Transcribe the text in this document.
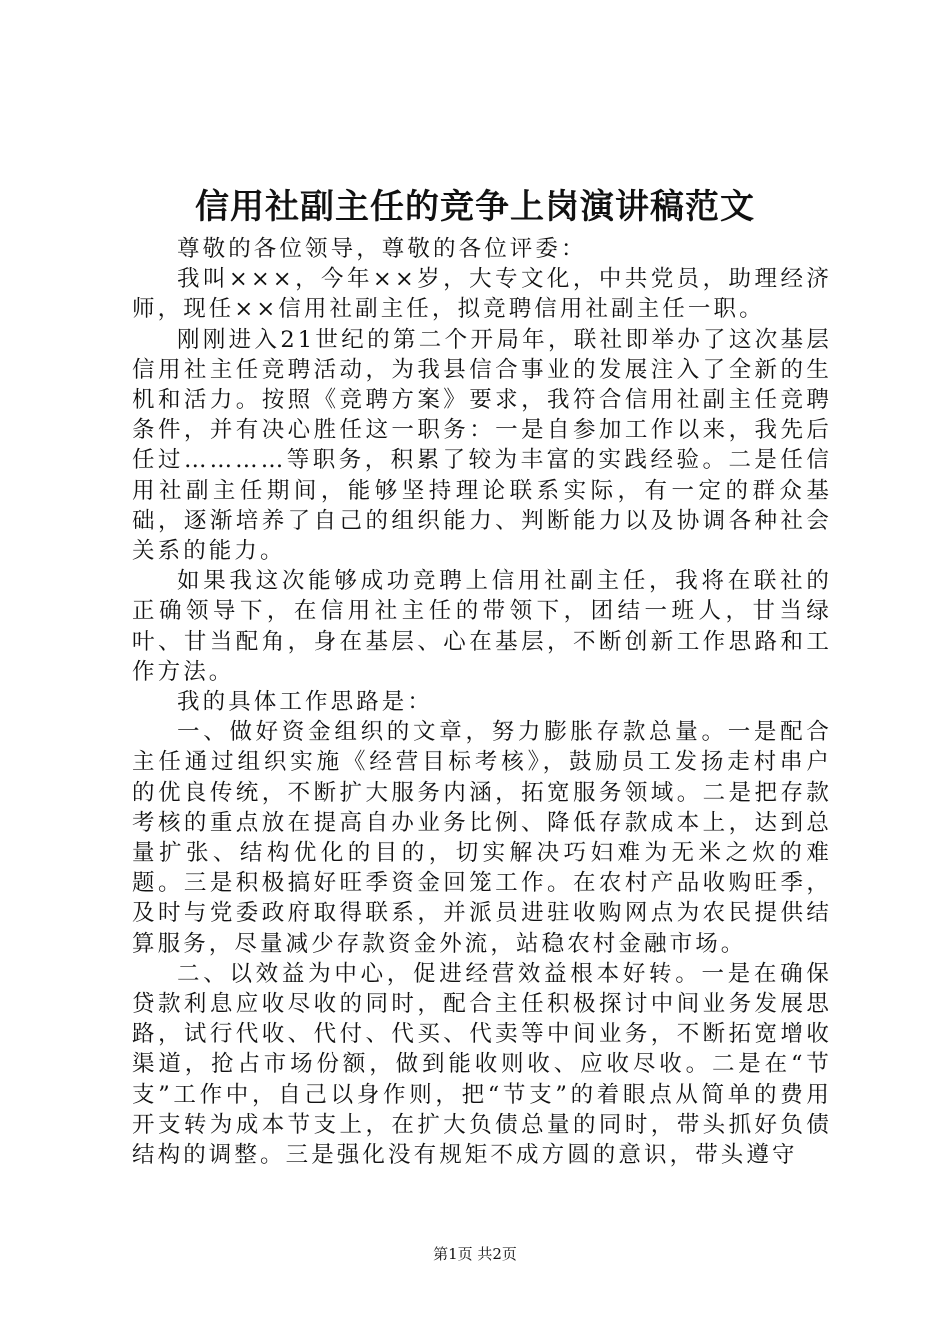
信用社副主任的竞争上岗演讲稿范文

尊敬的各位领导，尊敬的各位评委：

我叫×××，今年××岁，大专文化，中共党员，助理经济师，现任××信用社副主任，拟竞聘信用社副主任一职。

刚刚进入21世纪的第二个开局年，联社即举办了这次基层信用社主任竞聘活动，为我县信合事业的发展注入了全新的生机和活力。按照《竞聘方案》要求，我符合信用社副主任竞聘条件，并有决心胜任这一职务：一是自参加工作以来，我先后任过…………等职务，积累了较为丰富的实践经验。二是任信用社副主任期间，能够坚持理论联系实际，有一定的群众基础，逐渐培养了自己的组织能力、判断能力以及协调各种社会关系的能力。

如果我这次能够成功竞聘上信用社副主任，我将在联社的正确领导下，在信用社主任的带领下，团结一班人，甘当绿叶、甘当配角，身在基层、心在基层，不断创新工作思路和工作方法。

我的具体工作思路是：

一、做好资金组织的文章，努力膨胀存款总量。一是配合主任通过组织实施《经营目标考核》，鼓励员工发扬走村串户的优良传统，不断扩大服务内涵，拓宽服务领域。二是把存款考核的重点放在提高自办业务比例、降低存款成本上，达到总量扩张、结构优化的目的，切实解决巧妇难为无米之炊的难题。三是积极搞好旺季资金回笼工作。在农村产品收购旺季，及时与党委政府取得联系，并派员进驻收购网点为农民提供结算服务，尽量减少存款资金外流，站稳农村金融市场。

二、以效益为中心，促进经营效益根本好转。一是在确保贷款利息应收尽收的同时，配合主任积极探讨中间业务发展思路，试行代收、代付、代买、代卖等中间业务，不断拓宽增收渠道，抢占市场份额，做到能收则收、应收尽收。二是在“节支”工作中，自己以身作则，把“节支”的着眼点从简单的费用开支转为成本节支上，在扩大负债总量的同时，带头抓好负债结构的调整。三是强化没有规矩不成方圆的意识，带头遵守

第1页 共2页
